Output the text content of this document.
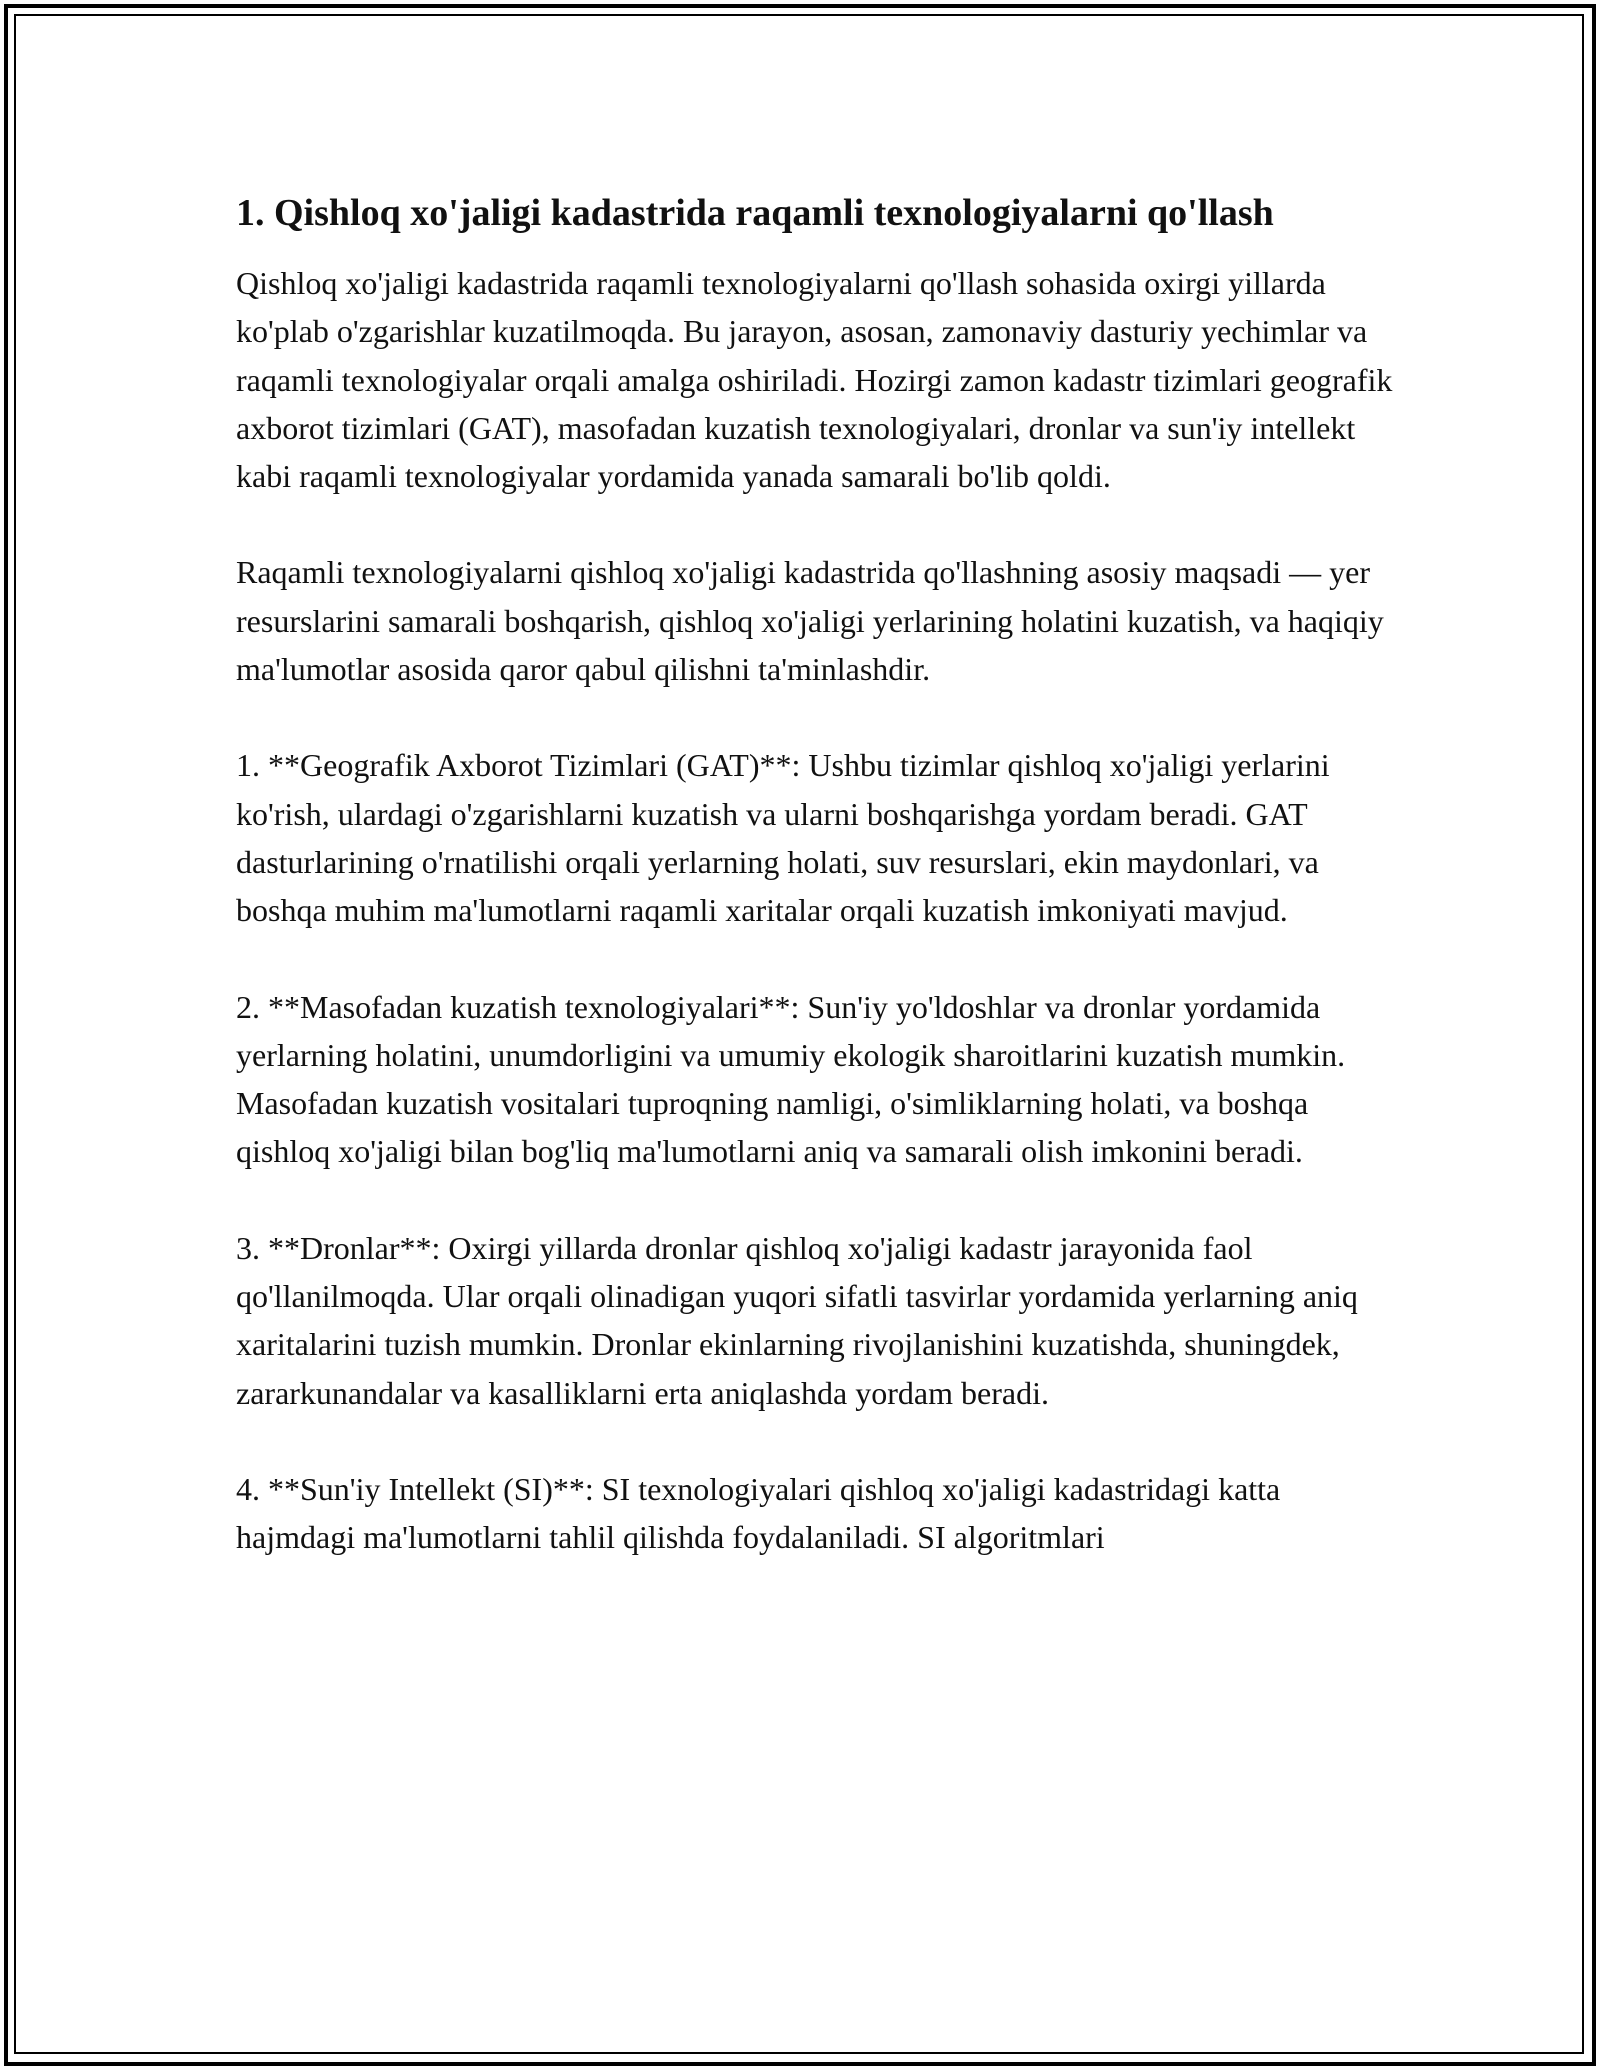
1. Qishloq xo'jaligi kadastrida raqamli texnologiyalarni qo'llash

Qishloq xo'jaligi kadastrida raqamli texnologiyalarni qo'llash sohasida oxirgi yillarda ko'plab o'zgarishlar kuzatilmoqda. Bu jarayon, asosan, zamonaviy dasturiy yechimlar va raqamli texnologiyalar orqali amalga oshiriladi. Hozirgi zamon kadastr tizimlari geografik axborot tizimlari (GAT), masofadan kuzatish texnologiyalari, dronlar va sun'iy intellekt kabi raqamli texnologiyalar yordamida yanada samarali bo'lib qoldi.

Raqamli texnologiyalarni qishloq xo'jaligi kadastrida qo'llashning asosiy maqsadi — yer resurslarini samarali boshqarish, qishloq xo'jaligi yerlarining holatini kuzatish, va haqiqiy ma'lumotlar asosida qaror qabul qilishni ta'minlashdir.

1. **Geografik Axborot Tizimlari (GAT)**: Ushbu tizimlar qishloq xo'jaligi yerlarini ko'rish, ulardagi o'zgarishlarni kuzatish va ularni boshqarishga yordam beradi. GAT dasturlarining o'rnatilishi orqali yerlarning holati, suv resurslari, ekin maydonlari, va boshqa muhim ma'lumotlarni raqamli xaritalar orqali kuzatish imkoniyati mavjud.

2. **Masofadan kuzatish texnologiyalari**: Sun'iy yo'ldoshlar va dronlar yordamida yerlarning holatini, unumdorligini va umumiy ekologik sharoitlarini kuzatish mumkin. Masofadan kuzatish vositalari tuproqning namligi, o'simliklarning holati, va boshqa qishloq xo'jaligi bilan bog'liq ma'lumotlarni aniq va samarali olish imkonini beradi.

3. **Dronlar**: Oxirgi yillarda dronlar qishloq xo'jaligi kadastr jarayonida faol qo'llanilmoqda. Ular orqali olinadigan yuqori sifatli tasvirlar yordamida yerlarning aniq xaritalarini tuzish mumkin. Dronlar ekinlarning rivojlanishini kuzatishda, shuningdek, zararkunandalar va kasalliklarni erta aniqlashda yordam beradi.

4. **Sun'iy Intellekt (SI)**: SI texnologiyalari qishloq xo'jaligi kadastridagi katta hajmdagi ma'lumotlarni tahlil qilishda foydalaniladi. SI algoritmlari
